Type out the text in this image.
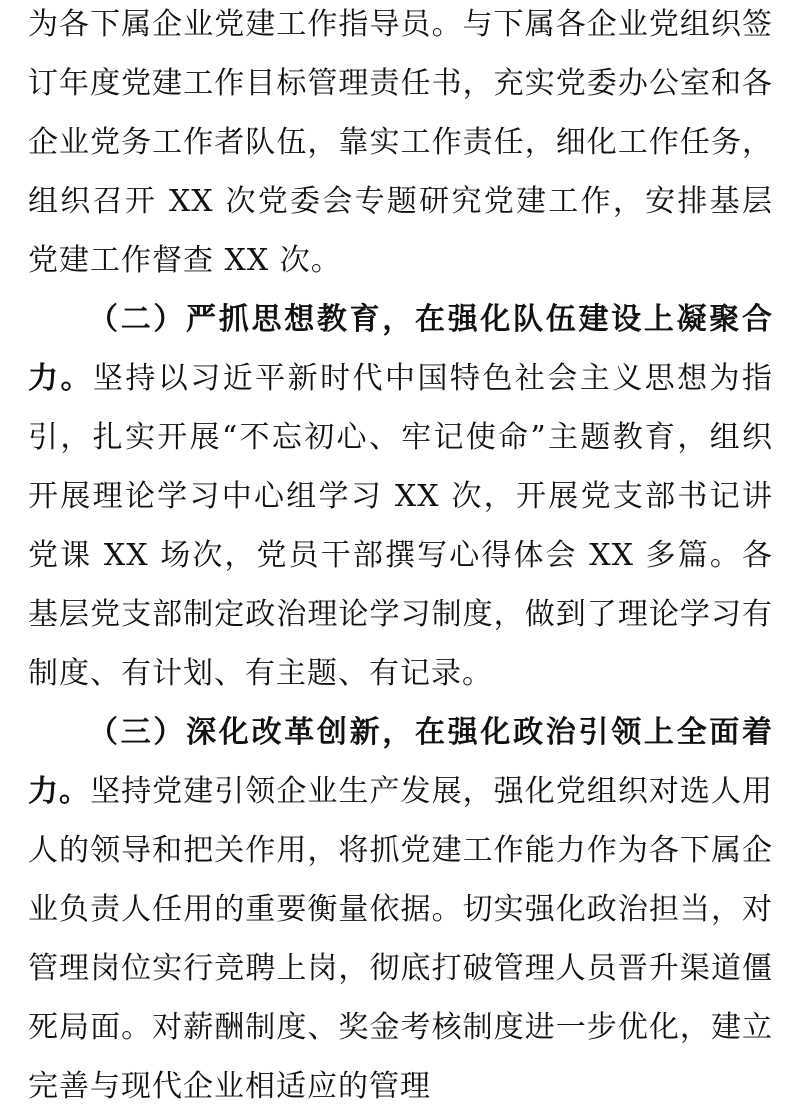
为各下属企业党建工作指导员。与下属各企业党组织签订年度党建工作目标管理责任书，充实党委办公室和各企业党务工作者队伍，靠实工作责任，细化工作任务，组织召开 XX 次党委会专题研究党建工作，安排基层党建工作督查 XX 次。

（二）严抓思想教育，在强化队伍建设上凝聚合力。坚持以习近平新时代中国特色社会主义思想为指引，扎实开展“不忘初心、牢记使命”主题教育，组织开展理论学习中心组学习 XX 次，开展党支部书记讲党课 XX 场次，党员干部撰写心得体会 XX 多篇。各基层党支部制定政治理论学习制度，做到了理论学习有制度、有计划、有主题、有记录。

（三）深化改革创新，在强化政治引领上全面着力。坚持党建引领企业生产发展，强化党组织对选人用人的领导和把关作用，将抓党建工作能力作为各下属企业负责人任用的重要衡量依据。切实强化政治担当，对管理岗位实行竞聘上岗，彻底打破管理人员晋升渠道僵死局面。对薪酬制度、奖金考核制度进一步优化，建立完善与现代企业相适应的管理
